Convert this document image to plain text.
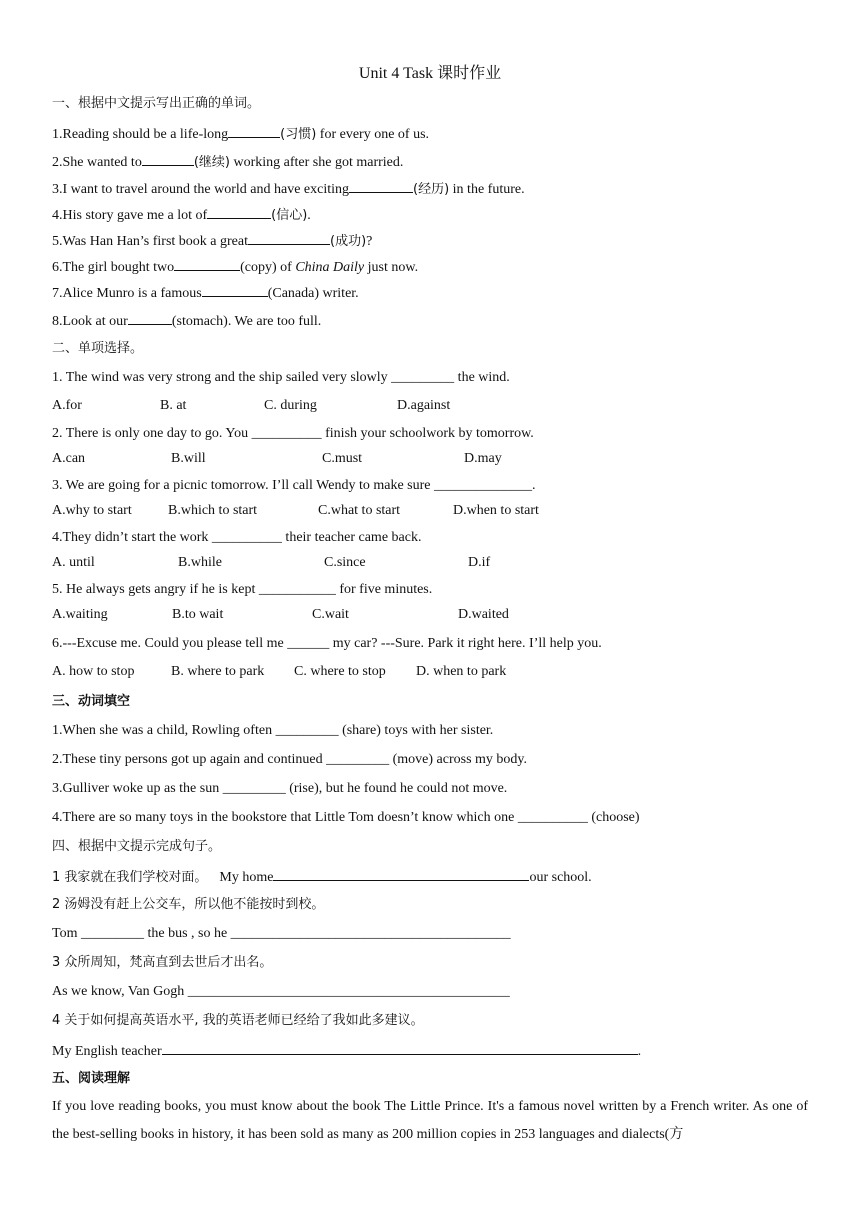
Unit 4 Task 课时作业
一、根据中文提示写出正确的单词。
1.Reading should be a life-long	(习惯) for every one of us.
2.She wanted to	(继续) working after she got married.
3.I want to travel around the world and have exciting	(经历) in the future.
4.His story gave me a lot of	(信心).
5.Was Han Han’s first book a great	(成功)?
6.The girl bought two	(copy) of China Daily just now.
7.Alice Munro is a famous	(Canada) writer.
8.Look at our	(stomach). We are too full.
二、单项选择。
1. The wind was very strong and the ship sailed very slowly _________ the wind.
A.for	B. at	C. during	D.against
2. There is only one day to go. You __________ finish your schoolwork by tomorrow.
A.can	B.will	C.must	D.may
3. We are going for a picnic tomorrow. I’ll call Wendy to make sure ______________.
A.why to start	B.which to start	C.what to start	D.when to start
4.They didn’t start the work __________ their teacher came back.
A. until	B.while	C.since	D.if
5. He always gets angry if he is kept ___________ for five minutes.
A.waiting	B.to wait	C.wait	D.waited
6.---Excuse me. Could you please tell me ______ my car? ---Sure. Park it right here. I’ll help you.
A. how to stop	B. where to park C. where to stop D. when to park
三、动词填空
1.When she was a child, Rowling often _________ (share) toys with her sister.
2.These tiny persons got up again and continued _________ (move) across my body.
3.Gulliver woke up as the sun _________ (rise), but he found he could not move.
4.There are so many toys in the bookstore that Little Tom doesn’t know which one __________ (choose)
四、根据中文提示完成句子。
1 我家就在我们学校对面。 My home	our school.
2 汤姆没有赶上公交车，所以他不能按时到校。
Tom _________ the bus , so he ________________________________________
3 众所周知，梵高直到去世后才出名。
As we know, Van Gogh ______________________________________________
4 关于如何提高英语水平, 我的英语老师已经给了我如此多建议。
My English teacher	.
五、阅读理解
If you love reading books, you must know about the book The Little Prince. It's a famous novel written by a French writer. As one of the best-selling books in history, it has been sold as many as 200 million copies in 253 languages and dialects(方
